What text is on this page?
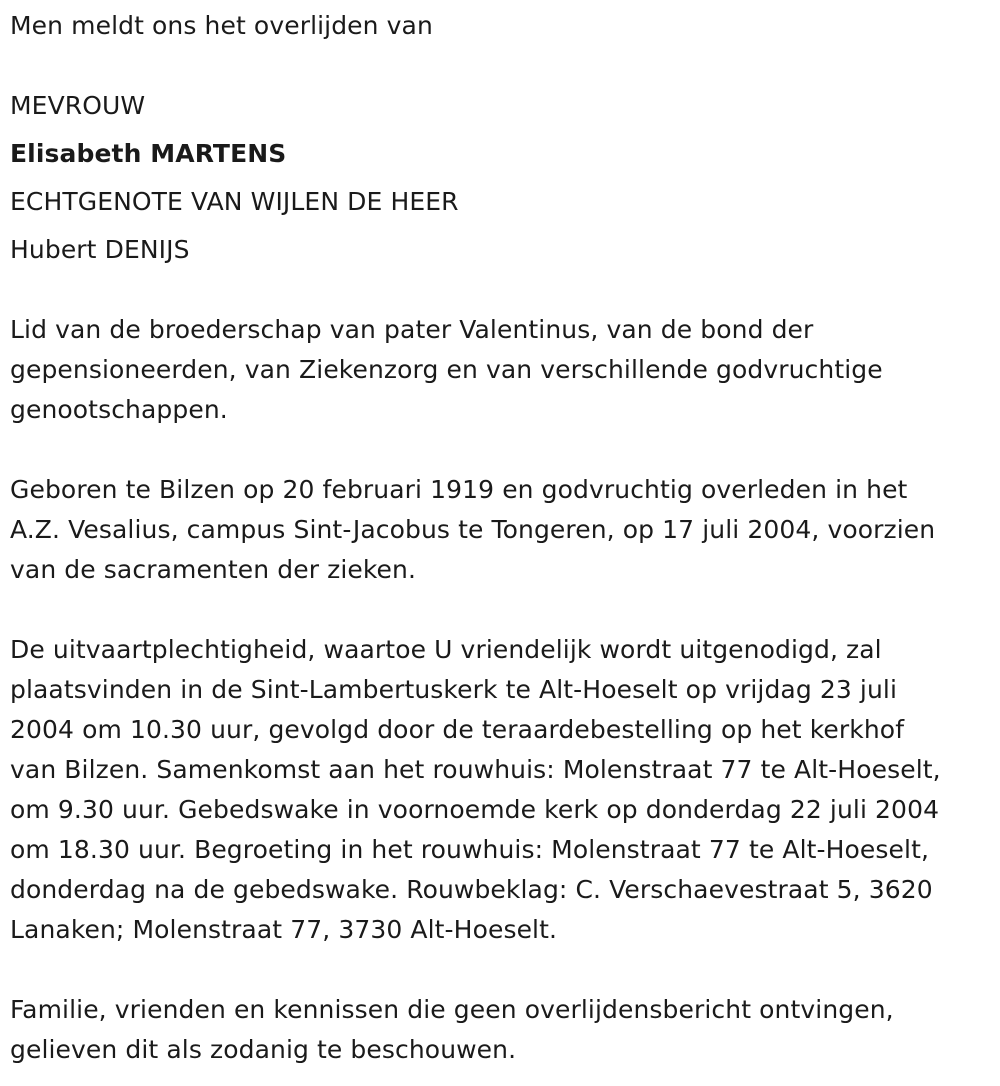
Men meldt ons het overlijden van
MEVROUW
Elisabeth MARTENS
ECHTGENOTE VAN WIJLEN DE HEER
Hubert DENIJS
Lid van de broederschap van pater Valentinus, van de bond der
gepensioneerden, van Ziekenzorg en van verschillende godvruchtige
genootschappen.
Geboren te Bilzen op 20 februari 1919 en godvruchtig overleden in het
A.Z. Vesalius, campus Sint-Jacobus te Tongeren, op 17 juli 2004, voorzien
van de sacramenten der zieken.
De uitvaartplechtigheid, waartoe U vriendelijk wordt uitgenodigd, zal
plaatsvinden in de Sint-Lambertuskerk te Alt-Hoeselt op vrijdag 23 juli
2004 om 10.30 uur, gevolgd door de teraardebestelling op het kerkhof
van Bilzen. Samenkomst aan het rouwhuis: Molenstraat 77 te Alt-Hoeselt,
om 9.30 uur. Gebedswake in voornoemde kerk op donderdag 22 juli 2004
om 18.30 uur. Begroeting in het rouwhuis: Molenstraat 77 te Alt-Hoeselt,
donderdag na de gebedswake. Rouwbeklag: C. Verschaevestraat 5, 3620
Lanaken; Molenstraat 77, 3730 Alt-Hoeselt.
Familie, vrienden en kennissen die geen overlijdensbericht ontvingen,
gelieven dit als zodanig te beschouwen.
